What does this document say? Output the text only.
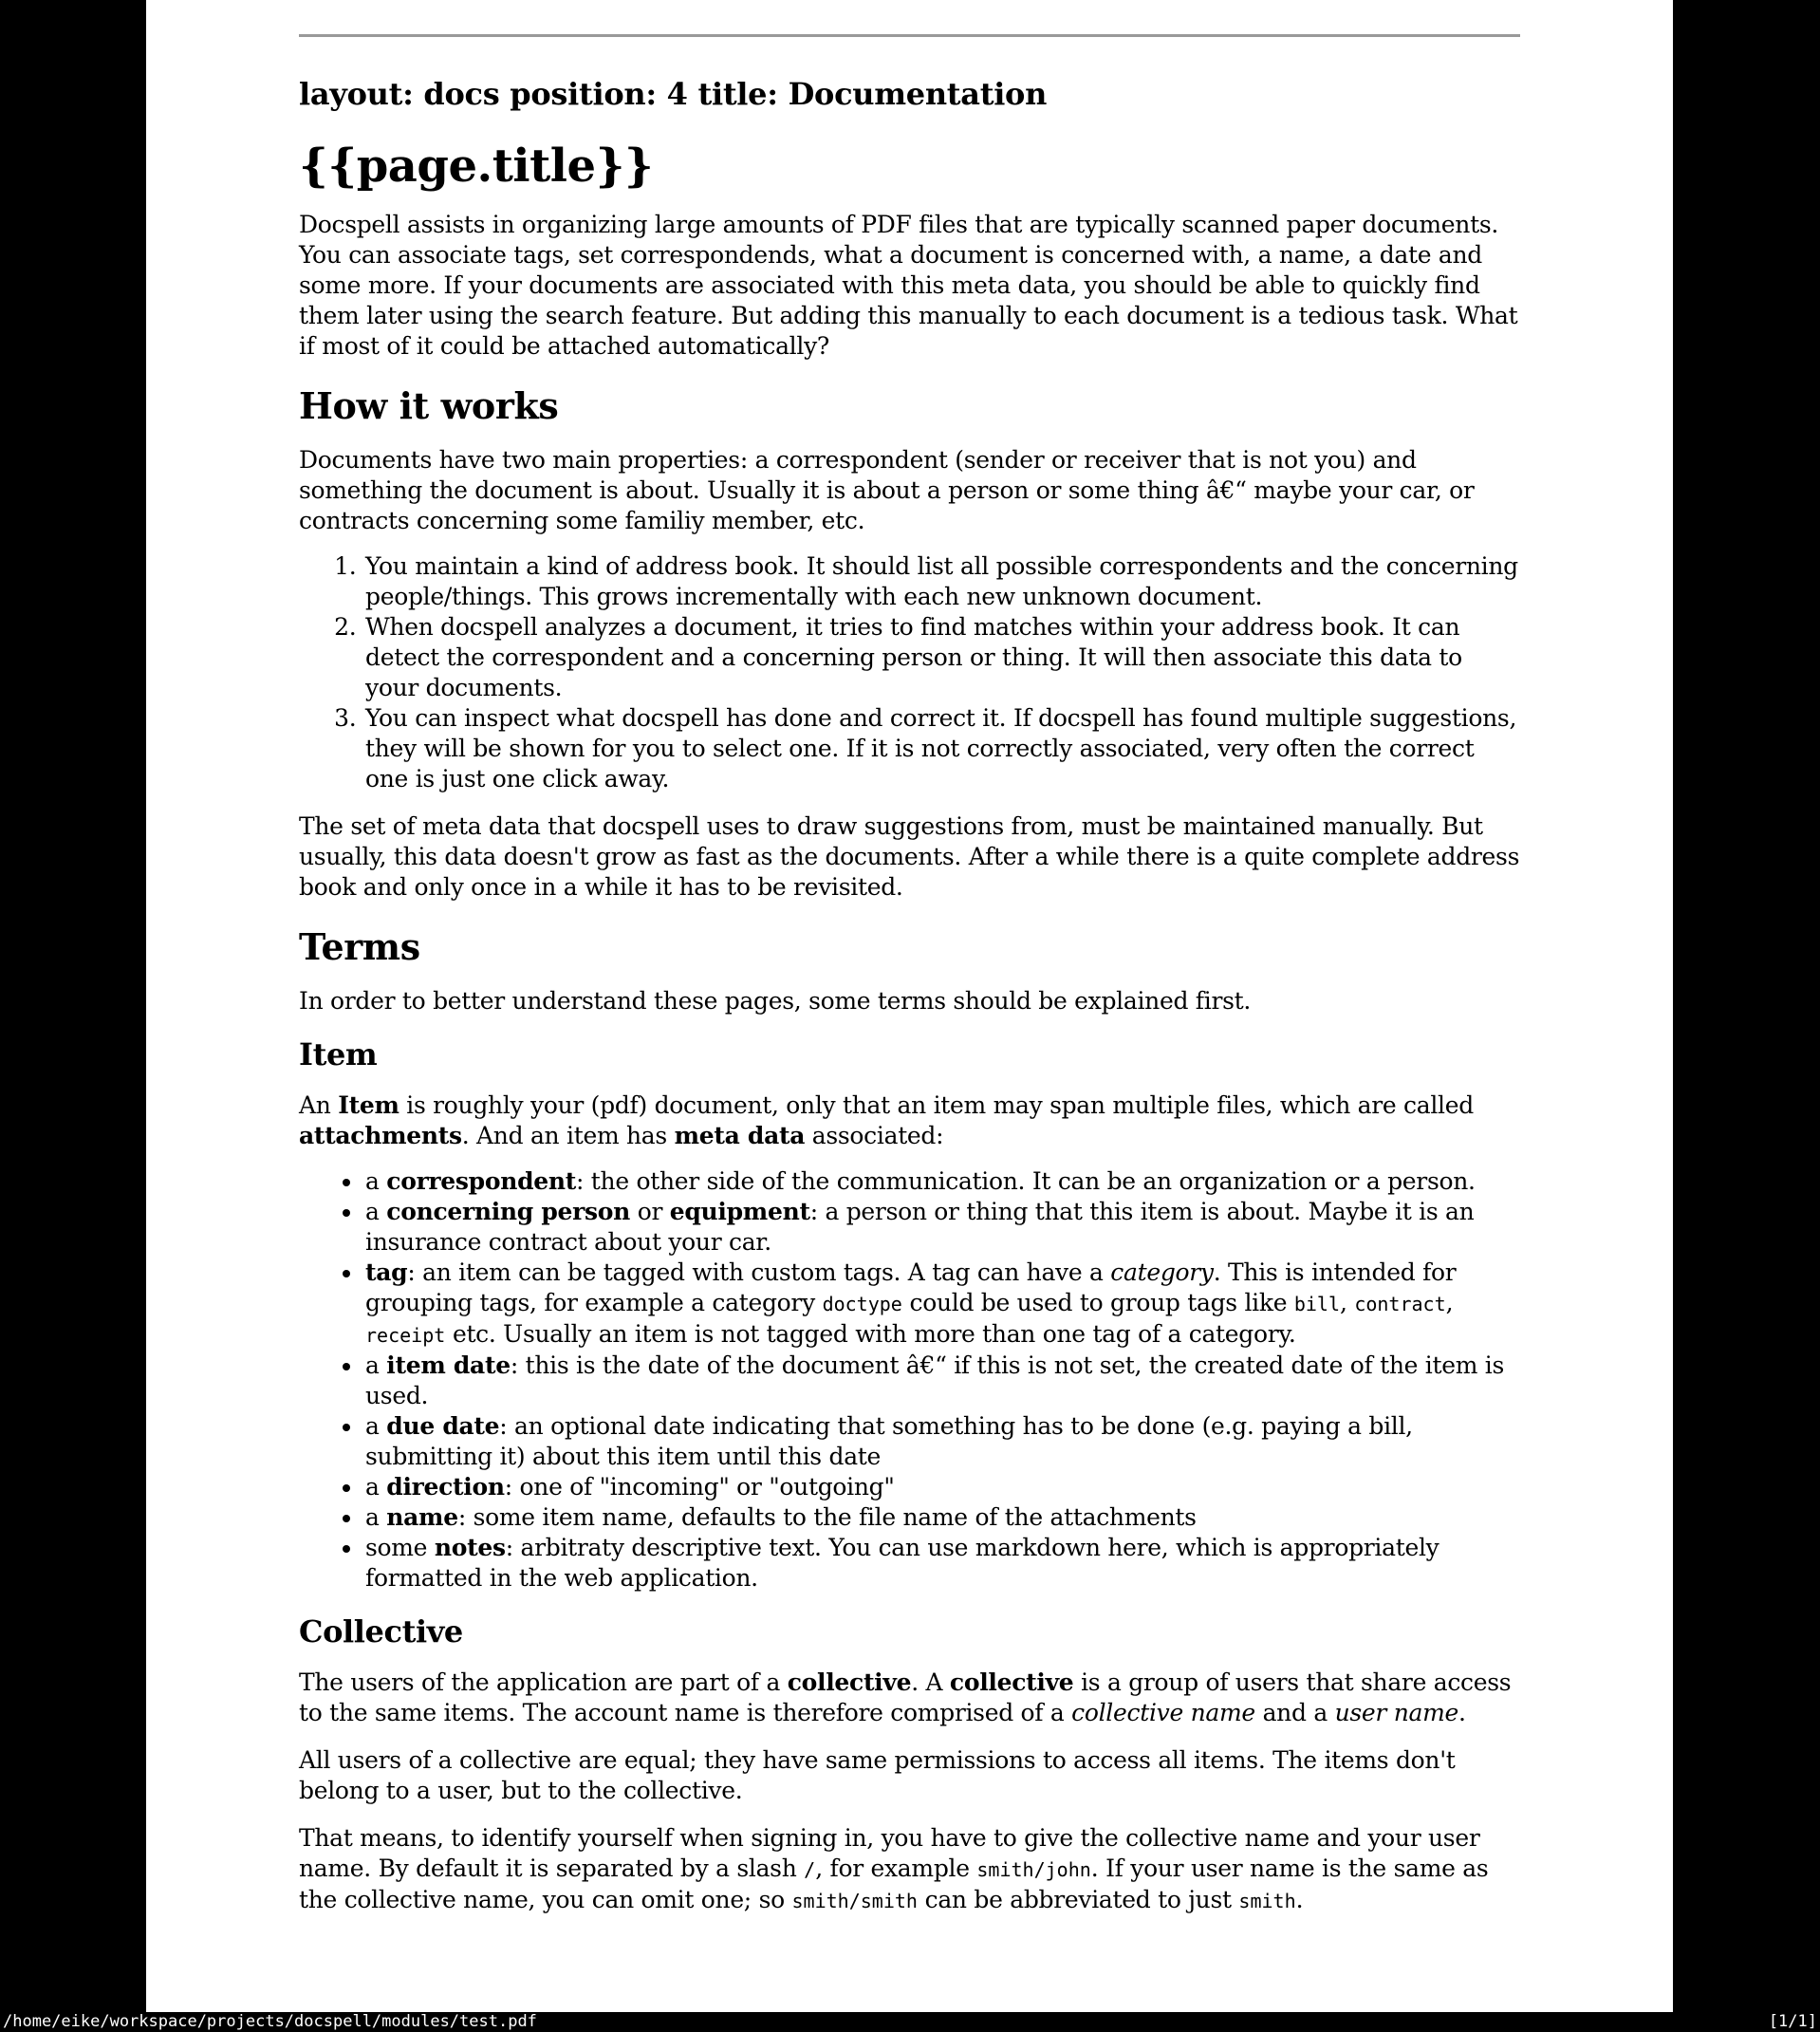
layout: docs position: 4 title: Documentation
{{page.title}}

Docspell assists in organizing large amounts of PDF files that are typically scanned paper documents. You can associate tags, set correspondends, what a document is concerned with, a name, a date and some more. If your documents are associated with this meta data, you should be able to quickly find them later using the search feature. But adding this manually to each document is a tedious task. What if most of it could be attached automatically?

How it works

Documents have two main properties: a correspondent (sender or receiver that is not you) and something the document is about. Usually it is about a person or some thing â€“ maybe your car, or contracts concerning some familiy member, etc.

1. You maintain a kind of address book. It should list all possible correspondents and the concerning people/things. This grows incrementally with each new unknown document.
2. When docspell analyzes a document, it tries to find matches within your address book. It can detect the correspondent and a concerning person or thing. It will then associate this data to your documents.
3. You can inspect what docspell has done and correct it. If docspell has found multiple suggestions, they will be shown for you to select one. If it is not correctly associated, very often the correct one is just one click away.

The set of meta data that docspell uses to draw suggestions from, must be maintained manually. But usually, this data doesn't grow as fast as the documents. After a while there is a quite complete address book and only once in a while it has to be revisited.

Terms

In order to better understand these pages, some terms should be explained first.

Item

An Item is roughly your (pdf) document, only that an item may span multiple files, which are called attachments. And an item has meta data associated:

• a correspondent: the other side of the communication. It can be an organization or a person.
• a concerning person or equipment: a person or thing that this item is about. Maybe it is an insurance contract about your car.
• tag: an item can be tagged with custom tags. A tag can have a category. This is intended for grouping tags, for example a category doctype could be used to group tags like bill, contract, receipt etc. Usually an item is not tagged with more than one tag of a category.
• a item date: this is the date of the document â€“ if this is not set, the created date of the item is used.
• a due date: an optional date indicating that something has to be done (e.g. paying a bill, submitting it) about this item until this date
• a direction: one of "incoming" or "outgoing"
• a name: some item name, defaults to the file name of the attachments
• some notes: arbitraty descriptive text. You can use markdown here, which is appropriately formatted in the web application.
Collective

The users of the application are part of a collective. A collective is a group of users that share access to the same items. The account name is therefore comprised of a collective name and a user name.

All users of a collective are equal; they have same permissions to access all items. The items don't belong to a user, but to the collective.

That means, to identify yourself when signing in, you have to give the collective name and your user name. By default it is separated by a slash /, for example smith/john. If your user name is the same as the collective name, you can omit one; so smith/smith can be abbreviated to just smith.

/home/eike/workspace/projects/docspell/modules/test.pdf	[1/1]
